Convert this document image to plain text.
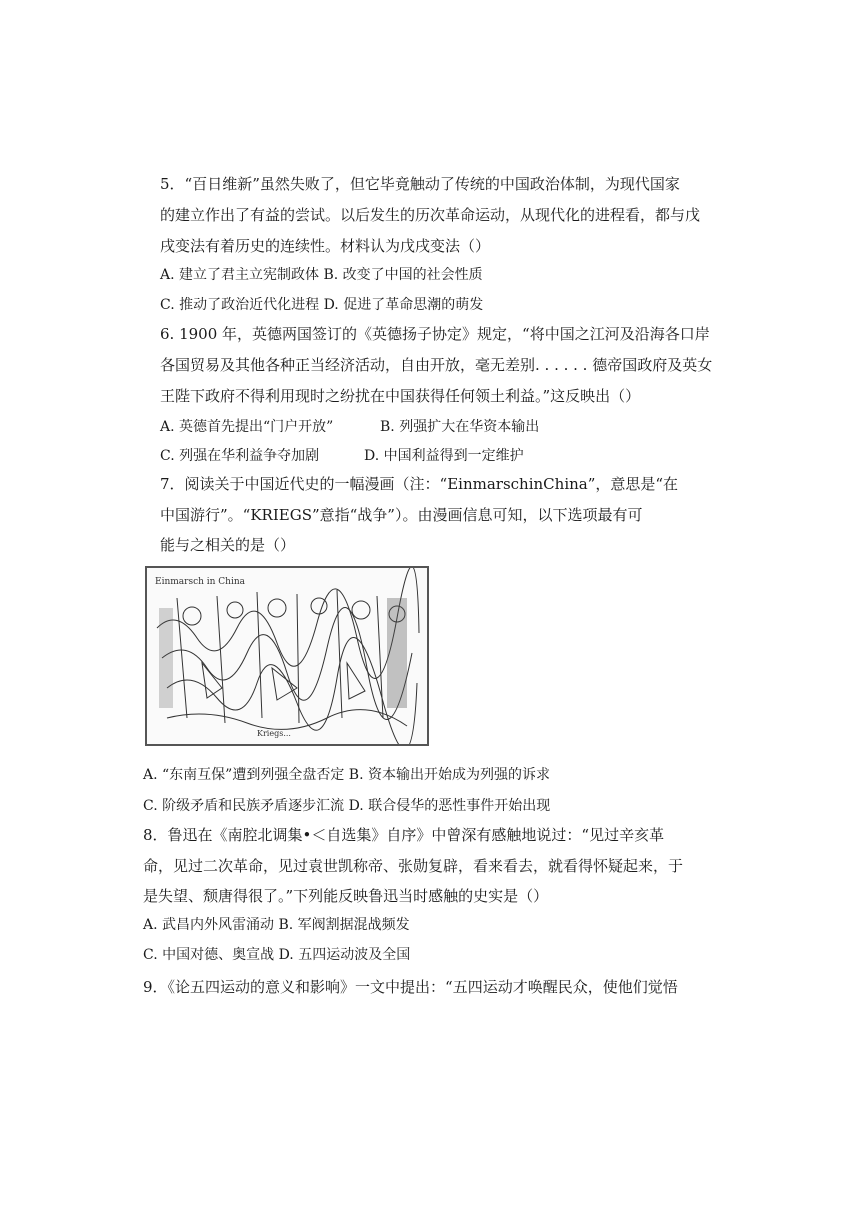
5．“百日维新”虽然失败了，但它毕竟触动了传统的中国政治体制，为现代国家
的建立作出了有益的尝试。以后发生的历次革命运动，从现代化的进程看，都与戊
戌变法有着历史的连续性。材料认为戊戌变法（）
A. 建立了君主立宪制政体 B. 改变了中国的社会性质
C. 推动了政治近代化进程 D. 促进了革命思潮的萌发
6. 1900 年，英德两国签订的《英德扬子协定》规定，“将中国之江河及沿海各口岸
各国贸易及其他各种正当经济活动，自由开放，毫无差别. . . . . . 德帝国政府及英女
王陛下政府不得利用现时之纷扰在中国获得任何领土利益。”这反映出（）
A. 英德首先提出“门户开放”	B. 列强扩大在华资本输出
C. 列强在华利益争夺加剧	D. 中国利益得到一定维护
7．阅读关于中国近代史的一幅漫画（注：“EinmarschinChina”，意思是“在
中国游行”。“KRIEGS”意指“战争”）。由漫画信息可知，以下选项最有可
能与之相关的是（）
Einmarsch in China
Kriegs...
A. “东南互保”遭到列强全盘否定 B. 资本输出开始成为列强的诉求
C. 阶级矛盾和民族矛盾逐步汇流 D. 联合侵华的恶性事件开始出现
8．鲁迅在《南腔北调集•＜自选集》自序》中曾深有感触地说过：“见过辛亥革
命，见过二次革命，见过袁世凯称帝、张勋复辟，看来看去，就看得怀疑起来，于
是失望、颓唐得很了。”下列能反映鲁迅当时感触的史实是（）
A. 武昌内外风雷涌动 B. 军阀割据混战频发
C. 中国对德、奥宣战 D. 五四运动波及全国
9．《论五四运动的意义和影响》一文中提出：“五四运动才唤醒民众，使他们觉悟
